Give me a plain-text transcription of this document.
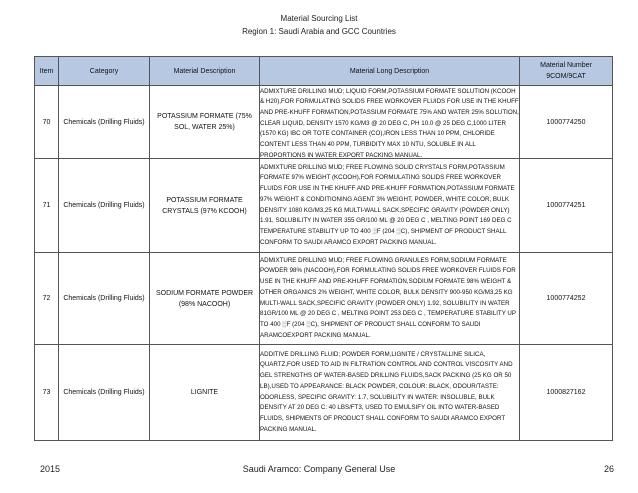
Material Sourcing List
Region 1: Saudi Arabia and GCC Countries
Item	Category	Material Description	Material Long Description	Material Number 9COM/9CAT
70	Chemicals (Drilling Fluids)	POTASSIUM FORMATE (75% SOL, WATER 25%)	ADMIXTURE DRILLING MUD; LIQUID FORM,POTASSIUM FORMATE SOLUTION (KCOOH & H20),FOR FORMULATING SOLIDS FREE WORKOVER FLUIDS FOR USE IN THE KHUFF AND PRE-KHUFF FORMATION,POTASSIUM FORMATE 75% AND WATER 25% SOLUTION, CLEAR LIQUID, DENSITY 1570 KG/M3 @ 20 DEG C, PH 10.0 @ 25 DEG C,1000 LITER (1570 KG) IBC OR TOTE CONTAINER (CO),IRON LESS THAN 10 PPM, CHLORIDE CONTENT LESS THAN 40 PPM, TURBIDITY MAX 10 NTU, SOLUBLE IN ALL PROPORTIONS IN WATER EXPORT PACKING MANUAL.	1000774250
71	Chemicals (Drilling Fluids)	POTASSIUM FORMATE CRYSTALS (97% KCOOH)	ADMIXTURE DRILLING MUD; FREE FLOWING SOLID CRYSTALS FORM,POTASSIUM FORMATE 97% WEIGHT (KCOOH),FOR FORMULATING SOLIDS FREE WORKOVER FLUIDS FOR USE IN THE KHUFF AND PRE-KHUFF FORMATION,POTASSIUM FORMATE 97% WEIGHT & CONDITIONING AGENT 3% WEIGHT, POWDER, WHITE COLOR, BULK DENSITY 1080 KG/M3,25 KG MULTI-WALL SACK,SPECIFIC GRAVITY (POWDER ONLY) 1.91, SOLUBILITY IN WATER 355 GR/100 ML @ 20 DEG C , MELTING POINT 169 DEG C TEMPERATURE STABILITY UP TO 400 ░F (204 ░C), SHIPMENT OF PRODUCT SHALL CONFORM TO SAUDI ARAMCO EXPORT PACKING MANUAL.	1000774251
72	Chemicals (Drilling Fluids)	SODIUM FORMATE POWDER (98% NACOOH)	ADMIXTURE DRILLING MUD; FREE FLOWING GRANULES FORM,SODIUM FORMATE POWDER 98% (NACOOH),FOR FORMULATING SOLIDS FREE WORKOVER FLUIDS FOR USE IN THE KHUFF AND PRE-KHUFF FORMATION,SODIUM FORMATE 98% WEIGHT & OTHER ORGANICS 2% WEIGHT, WHITE COLOR, BULK DENSITY 900-950 KG/M3,25 KG MULTI-WALL SACK,SPECIFIC GRAVITY (POWDER ONLY) 1.92, SOLUBILITY IN WATER 81GR/100 ML @ 20 DEG C , MELTING POINT 253 DEG C , TEMPERATURE STABILITY UP TO 400 ░F (204 ░C), SHIPMENT OF PRODUCT SHALL CONFORM TO SAUDI ARAMCOEXPORT PACKING MANUAL.	1000774252
73	Chemicals (Drilling Fluids)	LIGNITE	ADDITIVE DRILLING FLUID; POWDER FORM,LIGNITE / CRYSTALLINE SILICA, QUARTZ,FOR USED TO AID IN FILTRATION CONTROL AND CONTROL VISCOSITY AND GEL STRENGTHS OF WATER-BASED DRILLING FLUIDS,SACK PACKING (25 KG OR 50 LB),USED TO APPEARANCE: BLACK POWDER, COLOUR: BLACK, ODOUR/TASTE: ODORLESS, SPECIFIC GRAVITY: 1.7, SOLUBILITY IN WATER: INSOLUBLE, BULK DENSITY AT 20 DEG C: 40 LBS/FT3, USED TO EMULSIFY OIL INTO WATER-BASED FLUIDS, SHIPMENTS OF PRODUCT SHALL CONFORM TO SAUDI ARAMCO EXPORT PACKING MANUAL.	1000827162
2015	Saudi Aramco: Company General Use	26
